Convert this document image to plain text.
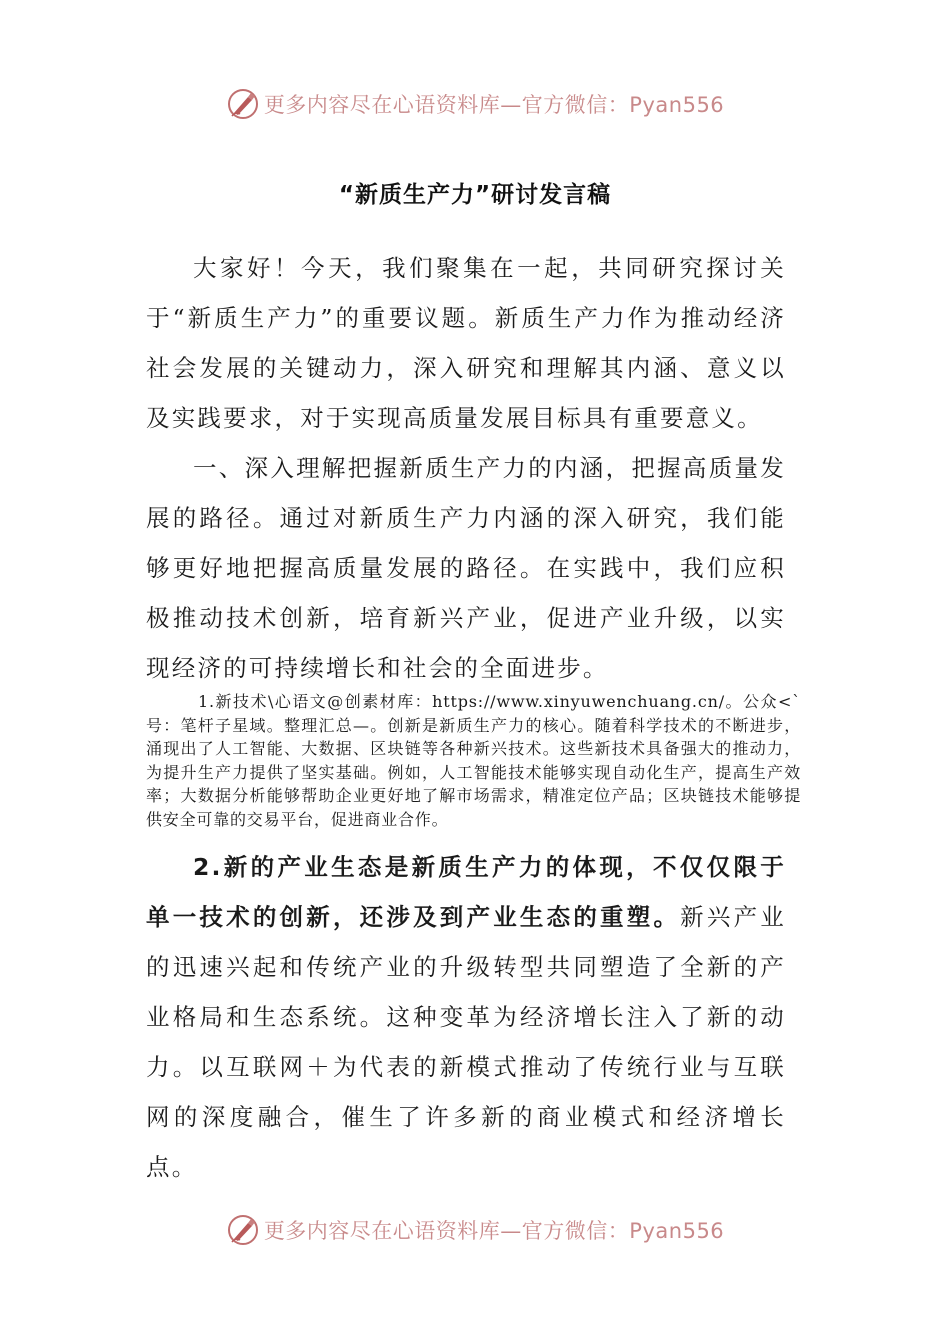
更多内容尽在心语资料库—官方微信：Pyan556
“新质生产力”研讨发言稿

大家好！今天，我们聚集在一起，共同研究探讨关于“新质生产力”的重要议题。新质生产力作为推动经济社会发展的关键动力，深入研究和理解其内涵、意义以及实践要求，对于实现高质量发展目标具有重要意义。

一、深入理解把握新质生产力的内涵，把握高质量发展的路径。通过对新质生产力内涵的深入研究，我们能够更好地把握高质量发展的路径。在实践中，我们应积极推动技术创新，培育新兴产业，促进产业升级，以实现经济的可持续增长和社会的全面进步。

1.新技术\心语文@创素材库：https://www.xinyuwenchuang.cn/。公众<`号：笔杆子星域。整理汇总—。创新是新质生产力的核心。随着科学技术的不断进步，涌现出了人工智能、大数据、区块链等各种新兴技术。这些新技术具备强大的推动力，为提升生产力提供了坚实基础。例如，人工智能技术能够实现自动化生产，提高生产效率；大数据分析能够帮助企业更好地了解市场需求，精准定位产品；区块链技术能够提供安全可靠的交易平台，促进商业合作。

2.新的产业生态是新质生产力的体现，不仅仅限于单一技术的创新，还涉及到产业生态的重塑。新兴产业的迅速兴起和传统产业的升级转型共同塑造了全新的产业格局和生态系统。这种变革为经济增长注入了新的动力。以互联网＋为代表的新模式推动了传统行业与互联网的深度融合，催生了许多新的商业模式和经济增长点。

更多内容尽在心语资料库—官方微信：Pyan556
